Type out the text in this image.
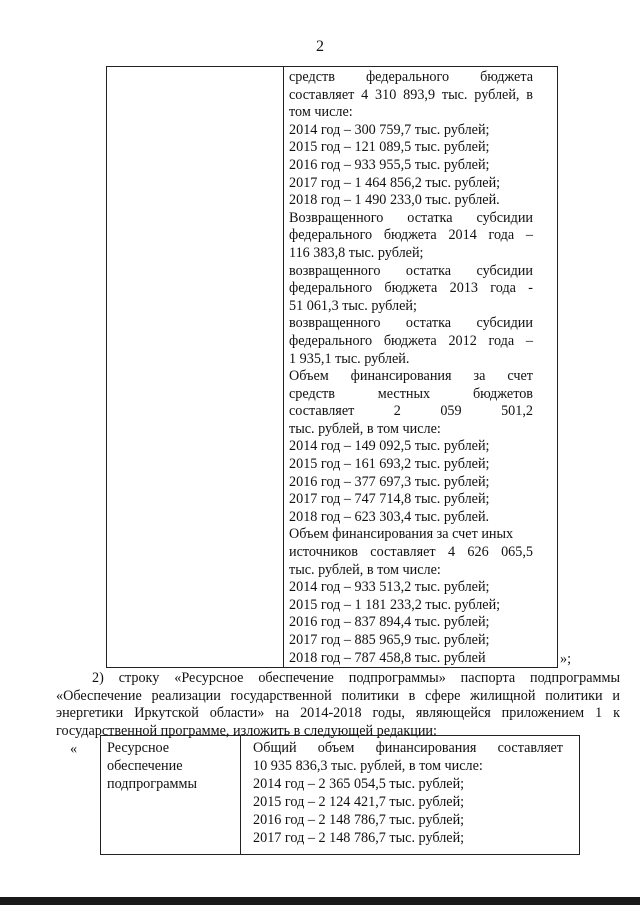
2
средств федерального бюджета
составляет 4 310 893,9 тыс. рублей, в
том числе:
2014 год – 300 759,7 тыс. рублей;
2015 год – 121 089,5 тыс. рублей;
2016 год – 933 955,5 тыс. рублей;
2017 год – 1 464 856,2 тыс. рублей;
2018 год – 1 490 233,0 тыс. рублей.
Возвращенного остатка субсидии
федерального бюджета 2014 года –
116 383,8 тыс. рублей;
возвращенного остатка субсидии
федерального бюджета 2013 года -
51 061,3 тыс. рублей;
возвращенного остатка субсидии
федерального бюджета 2012 года –
1 935,1 тыс. рублей.
Объем финансирования за счет
средств местных бюджетов
составляет 2 059 501,2
тыс. рублей, в том числе:
2014 год – 149 092,5 тыс. рублей;
2015 год – 161 693,2 тыс. рублей;
2016 год – 377 697,3 тыс. рублей;
2017 год – 747 714,8 тыс. рублей;
2018 год – 623 303,4 тыс. рублей.
Объем финансирования за счет иных
источников составляет 4 626 065,5
тыс. рублей, в том числе:
2014 год – 933 513,2 тыс. рублей;
2015 год – 1 181 233,2 тыс. рублей;
2016 год – 837 894,4 тыс. рублей;
2017 год – 885 965,9 тыс. рублей;
2018 год – 787 458,8 тыс. рублей	»;
2) строку «Ресурсное обеспечение подпрограммы» паспорта подпрограммы
«Обеспечение реализации государственной политики в сфере жилищной политики и
энергетики Иркутской области» на 2014-2018 годы, являющейся приложением 1 к
государственной программе, изложить в следующей редакции:
« Ресурсное
обеспечение
подпрограммы
Общий объем финансирования составляет
10 935 836,3 тыс. рублей, в том числе:
2014 год – 2 365 054,5 тыс. рублей;
2015 год – 2 124 421,7 тыс. рублей;
2016 год – 2 148 786,7 тыс. рублей;
2017 год – 2 148 786,7 тыс. рублей;
